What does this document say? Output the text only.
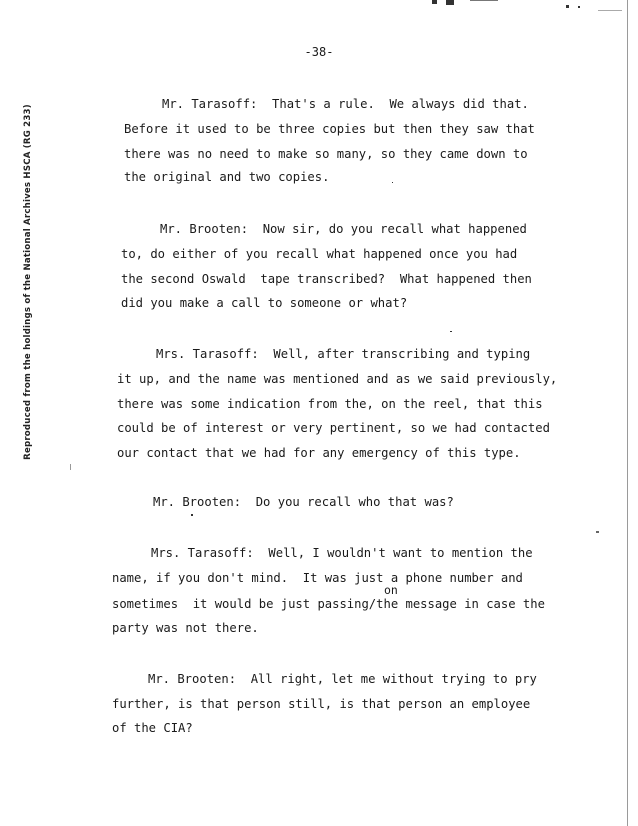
-38-
Reproduced from the holdings of the National Archives HSCA (RG 233)
Mr. Tarasoff:  That's a rule.  We always did that.
Before it used to be three copies but then they saw that
there was no need to make so many, so they came down to
the original and two copies.
Mr. Brooten:  Now sir, do you recall what happened
to, do either of you recall what happened once you had
the second Oswald  tape transcribed?  What happened then
did you make a call to someone or what?
Mrs. Tarasoff:  Well, after transcribing and typing
it up, and the name was mentioned and as we said previously,
there was some indication from the, on the reel, that this
could be of interest or very pertinent, so we had contacted
our contact that we had for any emergency of this type.
Mr. Brooten:  Do you recall who that was?
Mrs. Tarasoff:  Well, I wouldn't want to mention the
name, if you don't mind.  It was just a phone number and
on
sometimes  it would be just passing/the message in case the
party was not there.
Mr. Brooten:  All right, let me without trying to pry
further, is that person still, is that person an employee
of the CIA?
